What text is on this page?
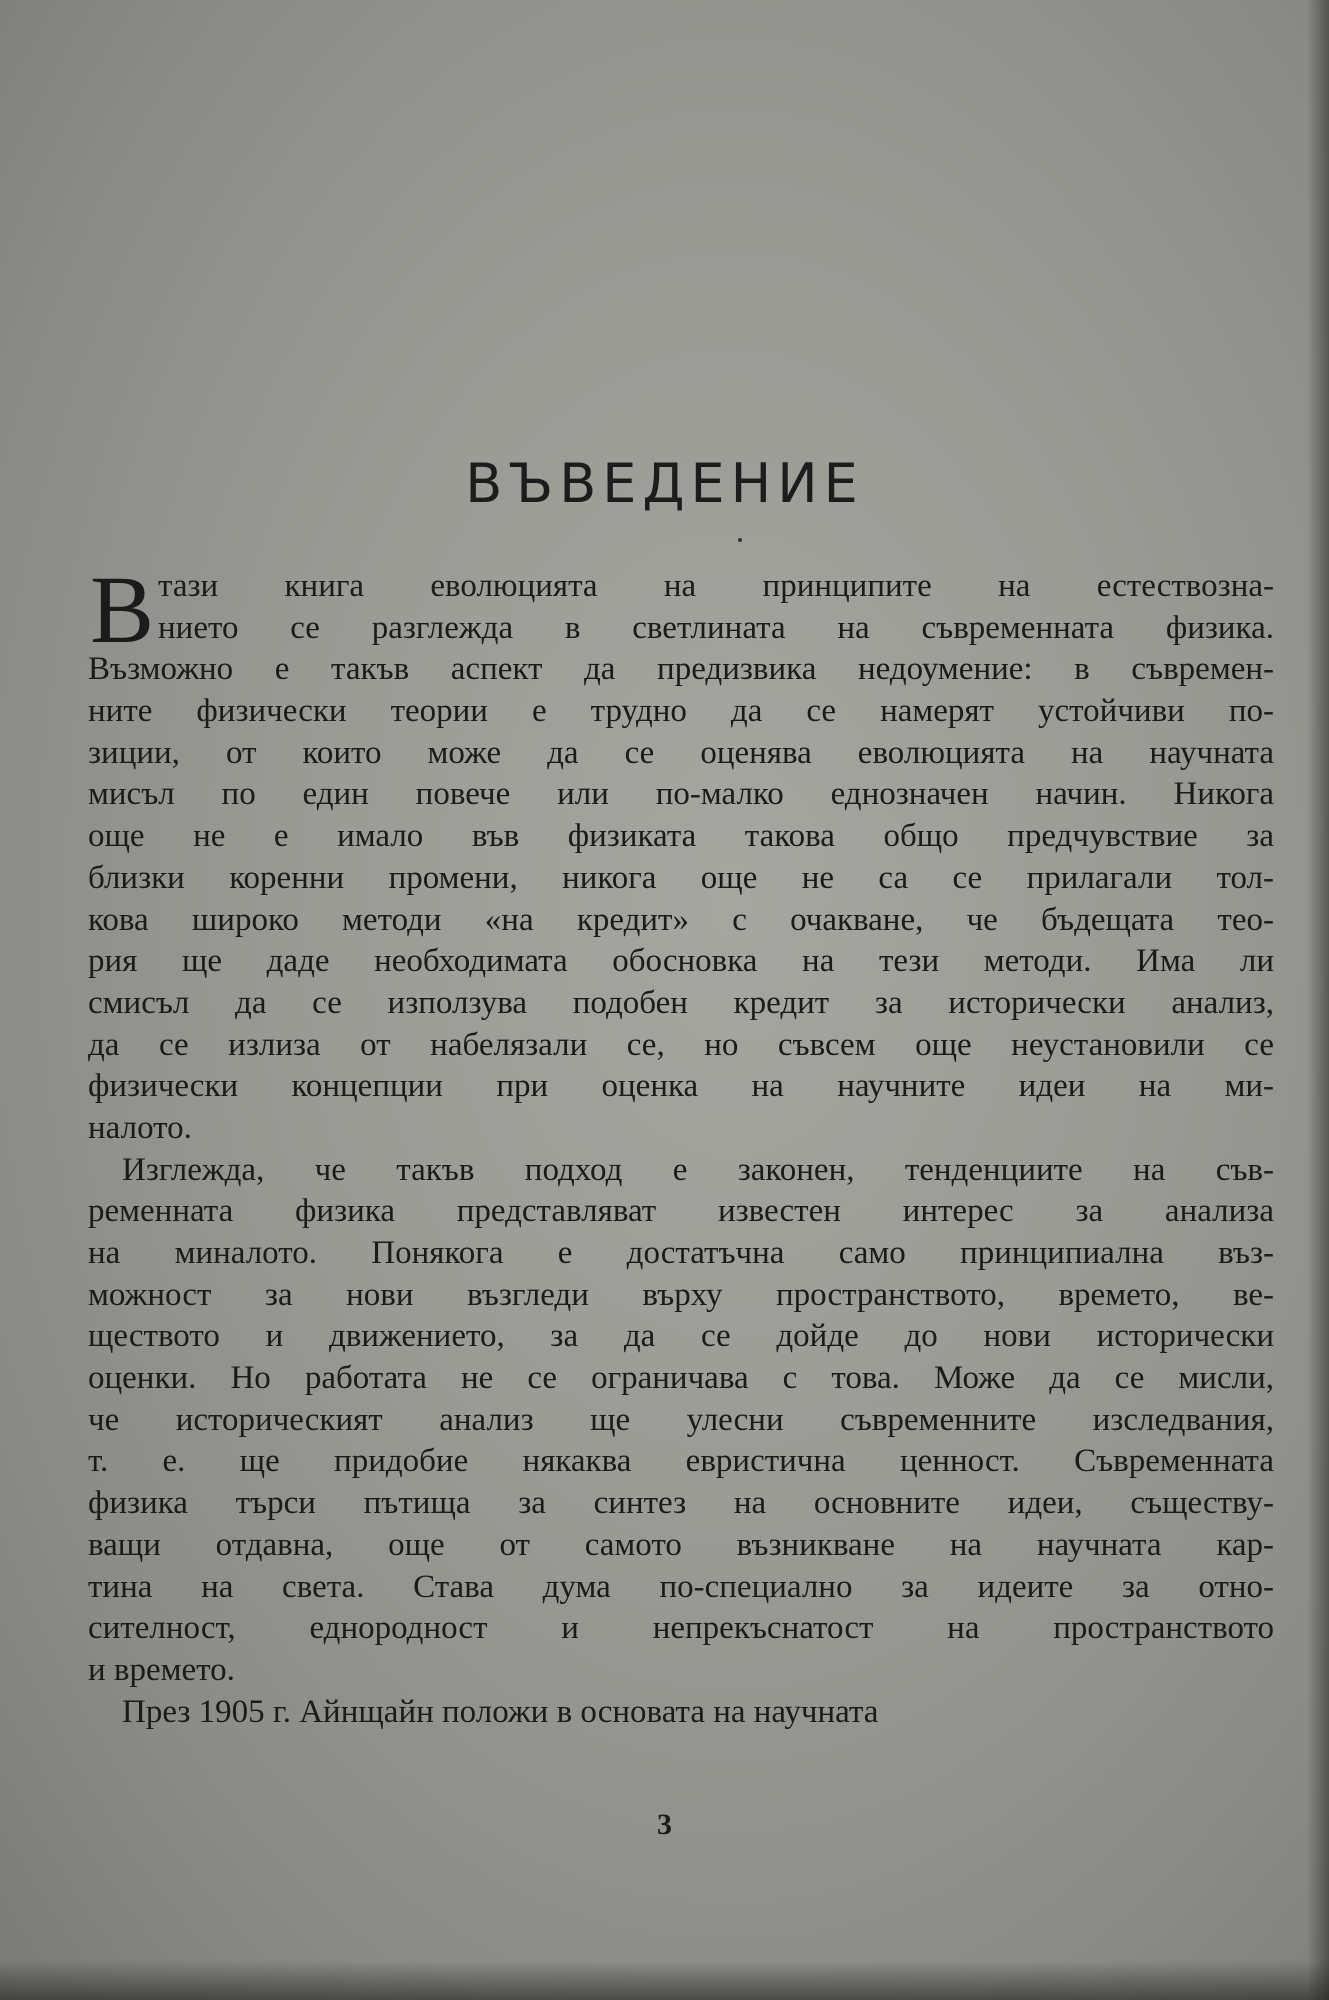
ВЪВЕДЕНИЕ
В тази книга еволюцията на принципите на естествозна-
нието се разглежда в светлината на съвременната физика.
Възможно е такъв аспект да предизвика недоумение: в съвремен-
ните физически теории е трудно да се намерят устойчиви по-
зиции, от които може да се оценява еволюцията на научната
мисъл по един повече или по-малко еднозначен начин. Никога
още не е имало във физиката такова общо предчувствие за
близки коренни промени, никога още не са се прилагали тол-
кова широко методи «на кредит» с очакване, че бъдещата тео-
рия ще даде необходимата обосновка на тези методи. Има ли
смисъл да се използува подобен кредит за исторически анализ,
да се излиза от набелязали се, но съвсем още неустановили се
физически концепции при оценка на научните идеи на ми-
налото.
Изглежда, че такъв подход е законен, тенденциите на съв-
ременната физика представляват известен интерес за анализа
на миналото. Понякога е достатъчна само принципиална въз-
можност за нови възгледи върху пространството, времето, ве-
ществото и движението, за да се дойде до нови исторически
оценки. Но работата не се ограничава с това. Може да се мисли,
че историческият анализ ще улесни съвременните изследвания,
т. е. ще придобие някаква евристична ценност. Съвременната
физика търси пътища за синтез на основните идеи, съществу-
ващи отдавна, още от самото възникване на научната кар-
тина на света. Става дума по-специално за идеите за отно-
сителност, еднородност и непрекъснатост на пространството
и времето.
През 1905 г. Айнщайн положи в основата на научната
3
